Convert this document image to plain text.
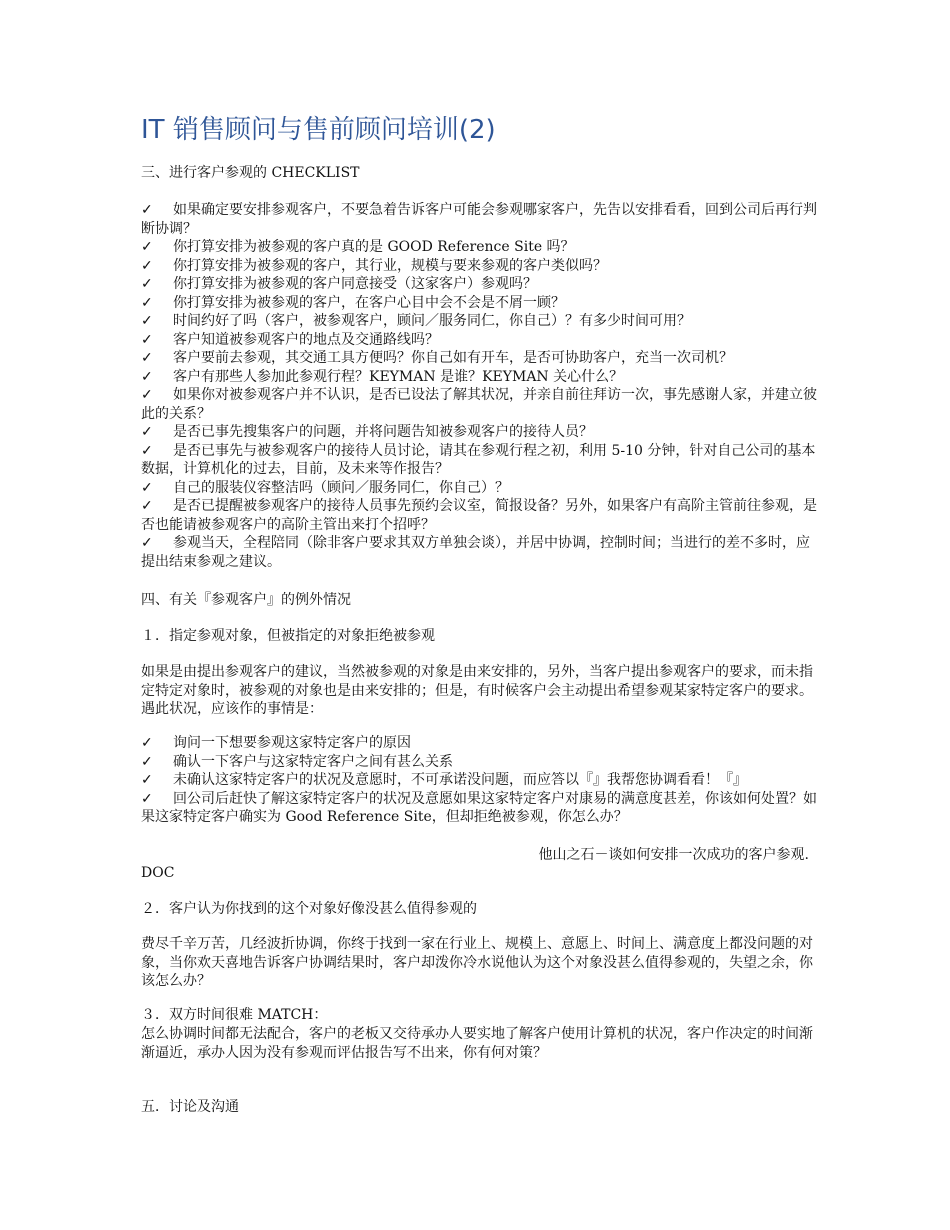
IT 销售顾问与售前顾问培训(2)

三、进行客户参观的 CHECKLIST

✓ 如果确定要安排参观客户，不要急着告诉客户可能会参观哪家客户，先告以安排看看，回到公司后再行判断协调？

✓ 你打算安排为被参观的客户真的是 GOOD Reference Site 吗？

✓ 你打算安排为被参观的客户，其行业，规模与要来参观的客户类似吗？

✓ 你打算安排为被参观的客户同意接受（这家客户）参观吗？

✓ 你打算安排为被参观的客户，在客户心目中会不会是不屑一顾？

✓ 时间约好了吗（客户，被参观客户，顾问／服务同仁，你自己）？有多少时间可用？

✓ 客户知道被参观客户的地点及交通路线吗？

✓ 客户要前去参观，其交通工具方便吗？你自己如有开车，是否可协助客户，充当一次司机？

✓ 客户有那些人参加此参观行程？KEYMAN 是谁？KEYMAN 关心什么？

✓ 如果你对被参观客户并不认识，是否已设法了解其状况，并亲自前往拜访一次，事先感谢人家，并建立彼此的关系？

✓ 是否已事先搜集客户的问题，并将问题告知被参观客户的接待人员？

✓ 是否已事先与被参观客户的接待人员讨论，请其在参观行程之初，利用 5-10 分钟，针对自己公司的基本数据，计算机化的过去，目前，及未来等作报告？

✓ 自己的服装仪容整洁吗（顾问／服务同仁，你自己）？

✓ 是否已提醒被参观客户的接待人员事先预约会议室，简报设备？另外，如果客户有高阶主管前往参观，是否也能请被参观客户的高阶主管出来打个招呼？

✓ 参观当天，全程陪同（除非客户要求其双方单独会谈），并居中协调，控制时间；当进行的差不多时，应提出结束参观之建议。

四、有关『参观客户』的例外情况

１．指定参观对象，但被指定的对象拒绝被参观

如果是由提出参观客户的建议，当然被参观的对象是由来安排的，另外，当客户提出参观客户的要求，而未指定特定对象时，被参观的对象也是由来安排的；但是，有时候客户会主动提出希望参观某家特定客户的要求。遇此状况，应该作的事情是：

✓ 询问一下想要参观这家特定客户的原因

✓ 确认一下客户与这家特定客户之间有甚么关系

✓ 未确认这家特定客户的状况及意愿时，不可承诺没问题，而应答以『』我帮您协调看看！『』

✓ 回公司后赶快了解这家特定客户的状况及意愿如果这家特定客户对康易的满意度甚差，你该如何处置？如果这家特定客户确实为 Good Reference Site，但却拒绝被参观，你怎么办？

他山之石－谈如何安排一次成功的客户参观.

DOC

２．客户认为你找到的这个对象好像没甚么值得参观的

费尽千辛万苦，几经波折协调，你终于找到一家在行业上、规模上、意愿上、时间上、满意度上都没问题的对象，当你欢天喜地告诉客户协调结果时，客户却泼你冷水说他认为这个对象没甚么值得参观的，失望之余，你该怎么办？

３．双方时间很难 MATCH：

怎么协调时间都无法配合，客户的老板又交待承办人要实地了解客户使用计算机的状况，客户作决定的时间渐渐逼近，承办人因为没有参观而评估报告写不出来，你有何对策？

五．讨论及沟通
